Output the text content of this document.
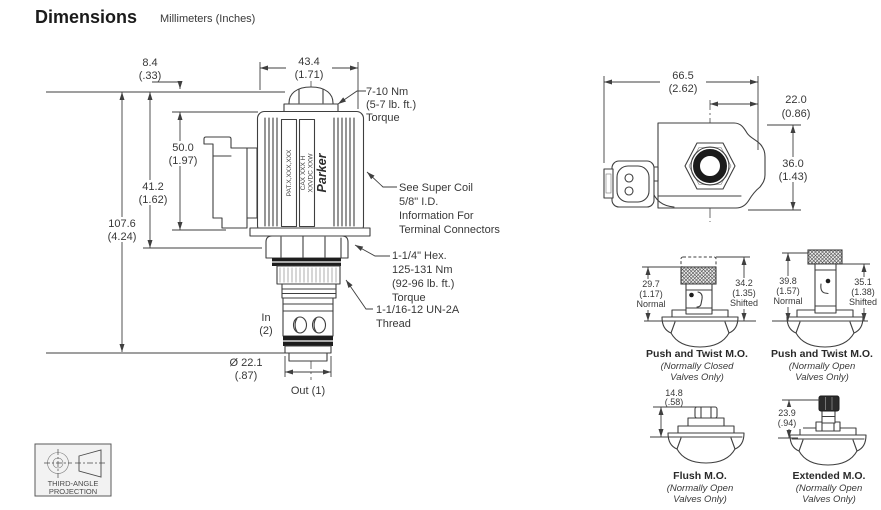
Dimensions Millimeters (Inches)
PAT.X,XXX,XXX CAX XXX H XXVDC XXW Parker
8.4
(.33)
43.4
(1.71)
50.0
(1.97)
41.2
(1.62)
107.6
(4.24)
Ø 22.1
(.87)
In
(2)
Out (1)
7-10 Nm
(5-7 lb. ft.)
Torque
See Super Coil
5/8" I.D.
Information For
Terminal Connectors
1-1/4" Hex.
125-131 Nm
(92-96 lb. ft.)
Torque
1-1/16-12 UN-2A
Thread
66.5
(2.62)
22.0
(0.86)
36.0
(1.43)
29.7
(1.17)
Normal
34.2
(1.35)
Shifted
Push and Twist M.O.
(Normally Closed
Valves Only)
39.8
(1.57)
Normal
35.1
(1.38)
Shifted
Push and Twist M.O.
(Normally Open
Valves Only)
14.8
(.58)
Flush M.O.
(Normally Open
Valves Only)
23.9
(.94)
Extended M.O.
(Normally Open
Valves Only)
THIRD-ANGLE
PROJECTION
